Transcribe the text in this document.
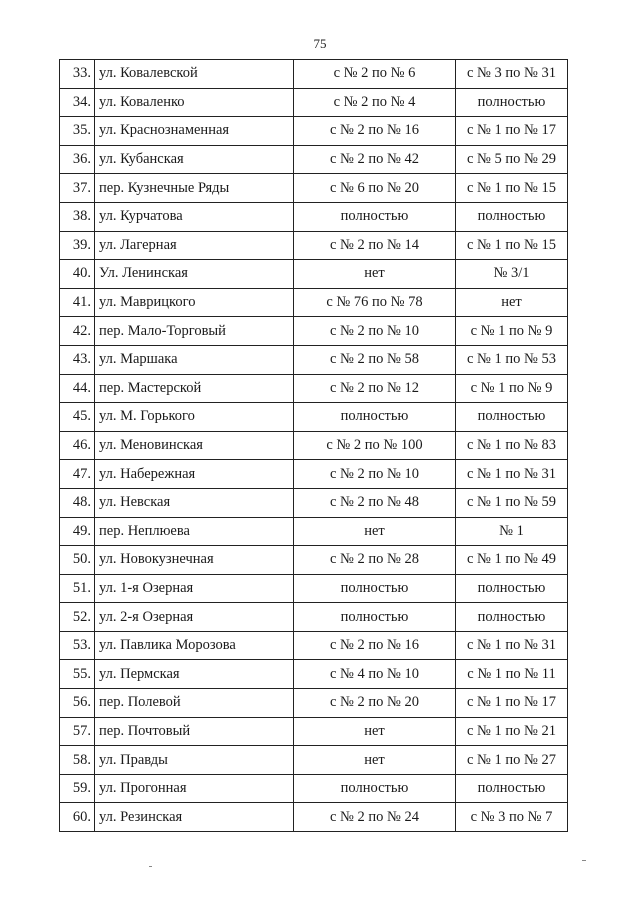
75
33.	ул. Ковалевской	с № 2 по № 6	с № 3 по № 31
34.	ул. Коваленко	с № 2 по № 4	полностью
35.	ул. Краснознаменная	с № 2 по № 16	с № 1 по № 17
36.	ул. Кубанская	с № 2 по № 42	с № 5 по № 29
37.	пер. Кузнечные Ряды	с № 6 по № 20	с № 1 по № 15
38.	ул. Курчатова	полностью	полностью
39.	ул. Лагерная	с № 2 по № 14	с № 1 по № 15
40.	Ул. Ленинская	нет	№ 3/1
41.	ул. Маврицкого	с № 76 по № 78	нет
42.	пер. Мало-Торговый	с № 2 по № 10	с № 1 по № 9
43.	ул. Маршака	с № 2 по № 58	с № 1 по № 53
44.	пер. Мастерской	с № 2 по № 12	с № 1 по № 9
45.	ул. М. Горького	полностью	полностью
46.	ул. Меновинская	с № 2 по № 100	с № 1 по № 83
47.	ул. Набережная	с № 2 по № 10	с № 1 по № 31
48.	ул. Невская	с № 2 по № 48	с № 1 по № 59
49.	пер. Неплюева	нет	№ 1
50.	ул. Новокузнечная	с № 2 по № 28	с № 1 по № 49
51.	ул. 1-я Озерная	полностью	полностью
52.	ул. 2-я Озерная	полностью	полностью
53.	ул. Павлика Морозова	с № 2 по № 16	с № 1 по № 31
55.	ул. Пермская	с № 4 по № 10	с № 1 по № 11
56.	пер. Полевой	с № 2 по № 20	с № 1 по № 17
57.	пер. Почтовый	нет	с № 1 по № 21
58.	ул. Правды	нет	с № 1 по № 27
59.	ул. Прогонная	полностью	полностью
60.	ул. Резинская	с № 2 по № 24	с № 3 по № 7
